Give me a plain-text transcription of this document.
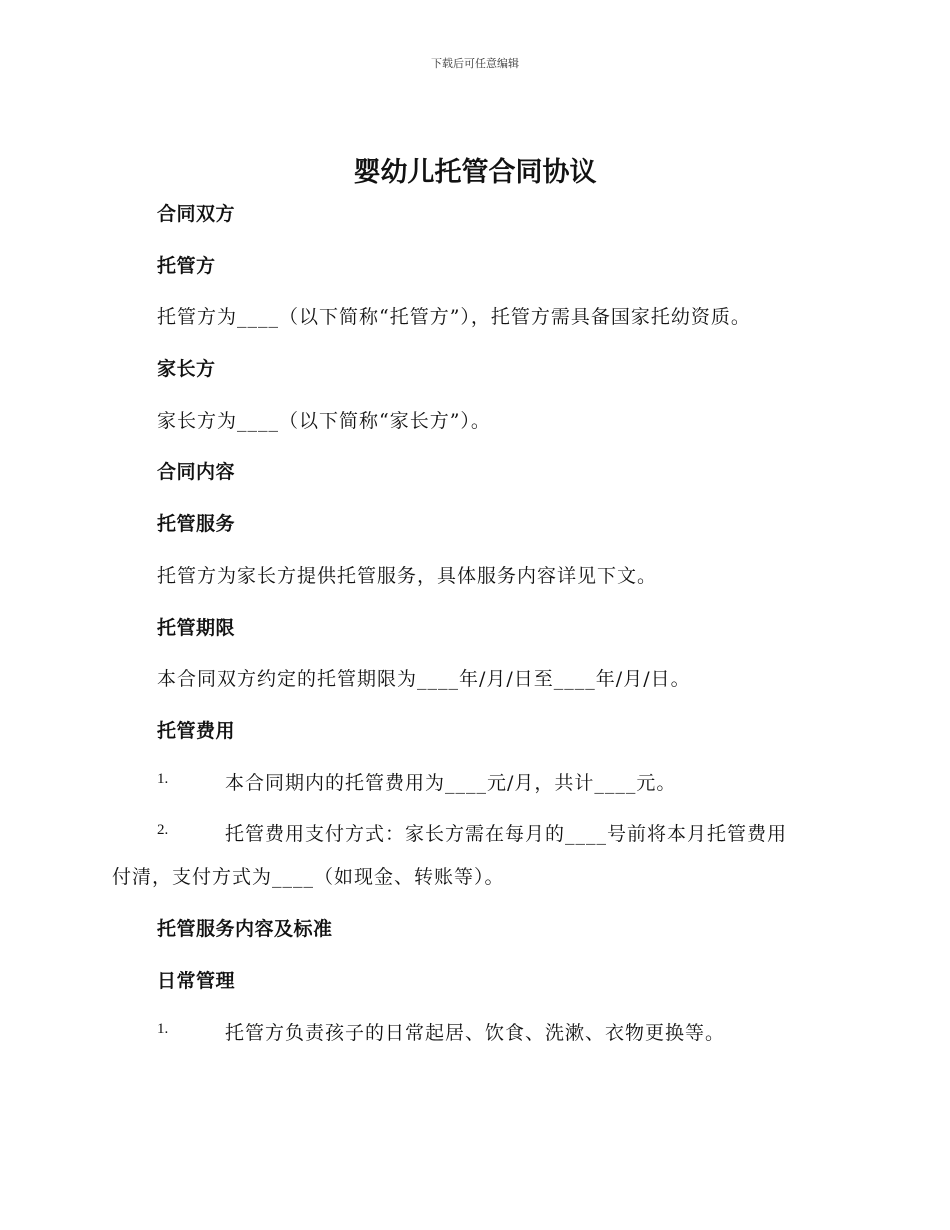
下载后可任意编辑
婴幼儿托管合同协议
合同双方
托管方
托管方为____（以下简称“托管方”），托管方需具备国家托幼资质。
家长方
家长方为____（以下简称“家长方”）。
合同内容
托管服务
托管方为家长方提供托管服务，具体服务内容详见下文。
托管期限
本合同双方约定的托管期限为____年/月/日至____年/月/日。
托管费用
1.	本合同期内的托管费用为____元/月，共计____元。
2.	托管费用支付方式：家长方需在每月的____号前将本月托管费用
付清，支付方式为____（如现金、转账等）。
托管服务内容及标准
日常管理
1.	托管方负责孩子的日常起居、饮食、洗漱、衣物更换等。
